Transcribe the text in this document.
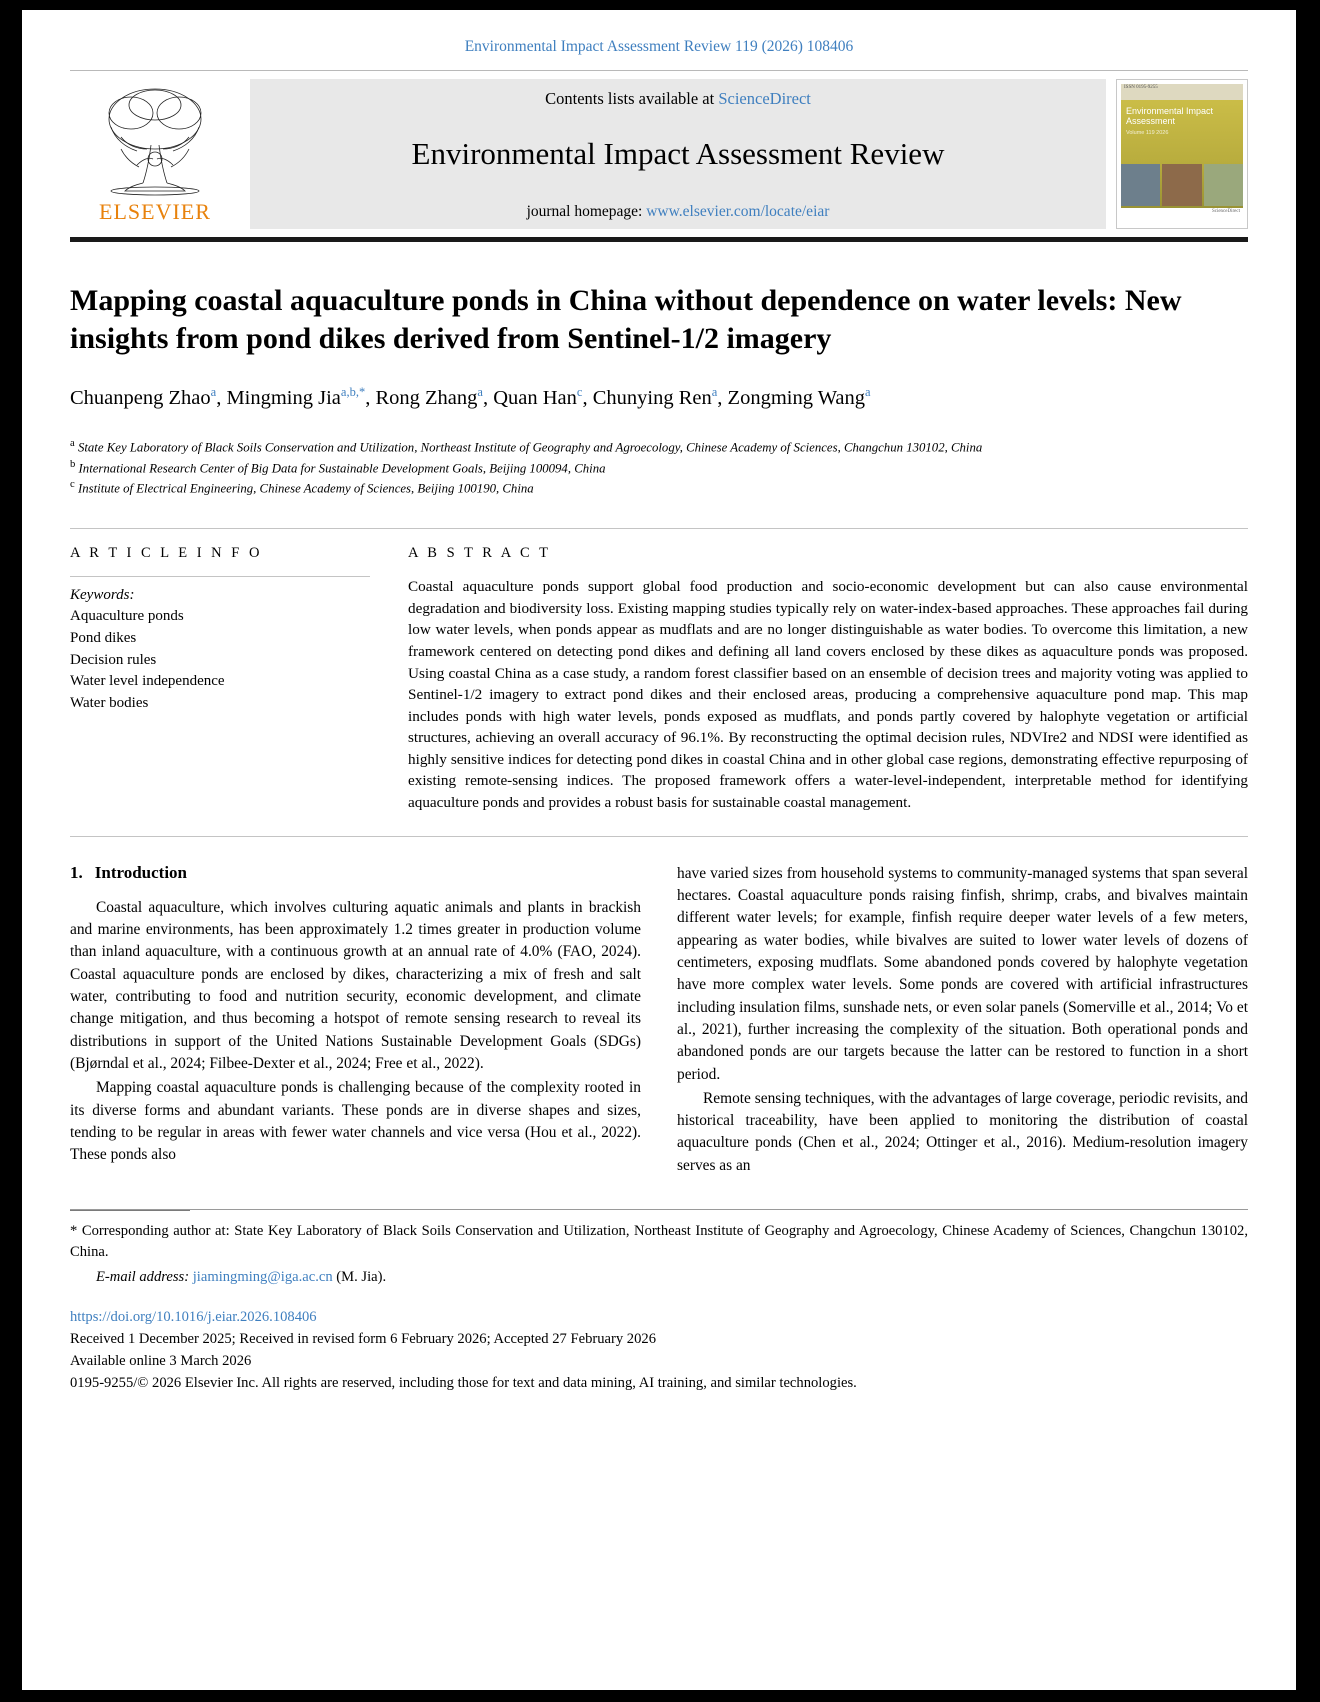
Environmental Impact Assessment Review 119 (2026) 108406
ELSEVIER
Contents lists available at ScienceDirect
Environmental Impact Assessment Review
journal homepage: www.elsevier.com/locate/eiar
ISSN 0195-9255
Environmental Impact Assessment
Volume 119 2026
ScienceDirect
Mapping coastal aquaculture ponds in China without dependence on water levels: New insights from pond dikes derived from Sentinel-1/2 imagery
Chuanpeng Zhao$^a$, Mingming Jia$^{a,b,*}$, Rong Zhang$^a$, Quan Han$^c$, Chunying Ren$^a$, Zongming Wang$^a$
$^a$ State Key Laboratory of Black Soils Conservation and Utilization, Northeast Institute of Geography and Agroecology, Chinese Academy of Sciences, Changchun 130102, China
$^b$ International Research Center of Big Data for Sustainable Development Goals, Beijing 100094, China
$^c$ Institute of Electrical Engineering, Chinese Academy of Sciences, Beijing 100190, China
A R T I C L E I N F O
Keywords:
Aquaculture ponds
Pond dikes
Decision rules
Water level independence
Water bodies
A B S T R A C T
Coastal aquaculture ponds support global food production and socio-economic development but can also cause environmental degradation and biodiversity loss. Existing mapping studies typically rely on water-index-based approaches. These approaches fail during low water levels, when ponds appear as mudflats and are no longer distinguishable as water bodies. To overcome this limitation, a new framework centered on detecting pond dikes and defining all land covers enclosed by these dikes as aquaculture ponds was proposed. Using coastal China as a case study, a random forest classifier based on an ensemble of decision trees and majority voting was applied to Sentinel-1/2 imagery to extract pond dikes and their enclosed areas, producing a comprehensive aquaculture pond map. This map includes ponds with high water levels, ponds exposed as mudflats, and ponds partly covered by halophyte vegetation or artificial structures, achieving an overall accuracy of 96.1%. By reconstructing the optimal decision rules, NDVIre2 and NDSI were identified as highly sensitive indices for detecting pond dikes in coastal China and in other global case regions, demonstrating effective repurposing of existing remote-sensing indices. The proposed framework offers a water-level-independent, interpretable method for identifying aquaculture ponds and provides a robust basis for sustainable coastal management.
1. Introduction

Coastal aquaculture, which involves culturing aquatic animals and plants in brackish and marine environments, has been approximately 1.2 times greater in production volume than inland aquaculture, with a continuous growth at an annual rate of 4.0% (FAO, 2024). Coastal aquaculture ponds are enclosed by dikes, characterizing a mix of fresh and salt water, contributing to food and nutrition security, economic development, and climate change mitigation, and thus becoming a hotspot of remote sensing research to reveal its distributions in support of the United Nations Sustainable Development Goals (SDGs) (Bjørndal et al., 2024; Filbee-Dexter et al., 2024; Free et al., 2022).

Mapping coastal aquaculture ponds is challenging because of the complexity rooted in its diverse forms and abundant variants. These ponds are in diverse shapes and sizes, tending to be regular in areas with fewer water channels and vice versa (Hou et al., 2022). These ponds also

have varied sizes from household systems to community-managed systems that span several hectares. Coastal aquaculture ponds raising finfish, shrimp, crabs, and bivalves maintain different water levels; for example, finfish require deeper water levels of a few meters, appearing as water bodies, while bivalves are suited to lower water levels of dozens of centimeters, exposing mudflats. Some abandoned ponds covered by halophyte vegetation have more complex water levels. Some ponds are covered with artificial infrastructures including insulation films, sunshade nets, or even solar panels (Somerville et al., 2014; Vo et al., 2021), further increasing the complexity of the situation. Both operational ponds and abandoned ponds are our targets because the latter can be restored to function in a short period.

Remote sensing techniques, with the advantages of large coverage, periodic revisits, and historical traceability, have been applied to monitoring the distribution of coastal aquaculture ponds (Chen et al., 2024; Ottinger et al., 2016). Medium-resolution imagery serves as an

* Corresponding author at: State Key Laboratory of Black Soils Conservation and Utilization, Northeast Institute of Geography and Agroecology, Chinese Academy of Sciences, Changchun 130102, China.
E-mail address: jiamingming@iga.ac.cn (M. Jia).
https://doi.org/10.1016/j.eiar.2026.108406
Received 1 December 2025; Received in revised form 6 February 2026; Accepted 27 February 2026
Available online 3 March 2026
0195-9255/© 2026 Elsevier Inc. All rights are reserved, including those for text and data mining, AI training, and similar technologies.
